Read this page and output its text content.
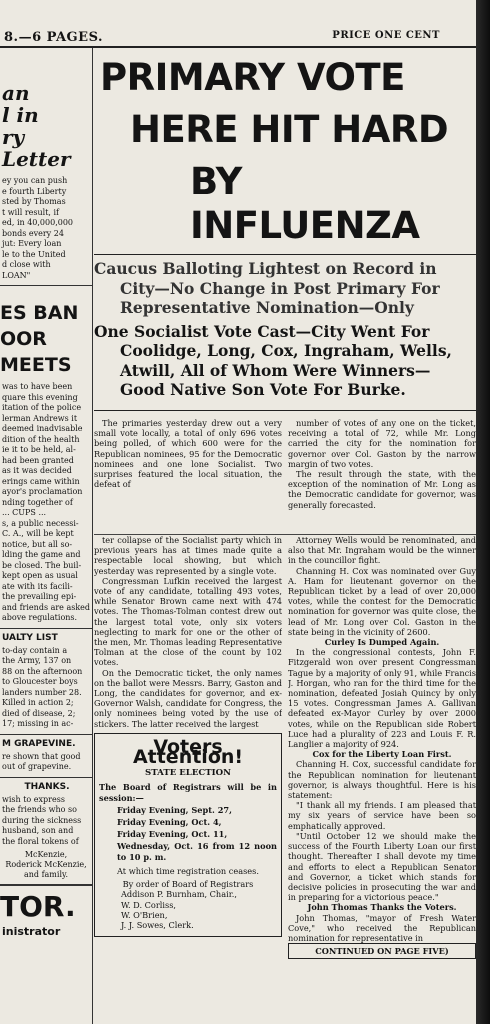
8.—6 PAGES.	PRICE ONE CENT

an

l in

ry Letter

ey you can push

e fourth Liberty

sted by Thomas

t will result, if

ed, in 40,000,000

bonds every 24

jut: Every loan

le to the United

d close with

LOAN"

ES BAN

OOR MEETS

was to have been

quare this evening

itation of the police

lerman Andrews it

deemed inadvisable

dition of the health

ie it to be held, al-

had been granted

as it was decided

erings came within

ayor's proclamation

nding together of

... CUPS ...

s, a public necessi-

C. A., will be kept

notice, but all so-

lding the game and

be closed. The buil-

kept open as usual

ate with its facili-

the prevailing epi-

and friends are asked

above regulations.

UALTY LIST

to-day contain a

the Army, 137 on

88 on the afternoon

to Gloucester boys

landers number 28.

Killed in action 2;

died of disease, 2;

17; missing in ac-

M GRAPEVINE.

re shown that good

out of grapevine.

THANKS.

wish to express

the friends who so

during the sickness

husband, son and

the floral tokens of

McKenzie,

Roderick McKenzie,

and family.

TOR.

inistrator

PRIMARY VOTE
HERE HIT HARD
BY INFLUENZA

Caucus Balloting Lightest on Record in City—No Change in Post Primary For Representative Nomination—Only

One Socialist Vote Cast—City Went For Coolidge, Long, Cox, Ingraham, Wells, Atwill, All of Whom Were Winners—Good Native Son Vote For Burke.

The primaries yesterday drew out a very small vote locally, a total of only 696 votes being polled, of which 600 were for the Republican nominees, 95 for the Democratic nominees and one lone Socialist. Two surprises featured the local situation, the defeat of

number of votes of any one on the ticket, receiving a total of 72, while Mr. Long carried the city for the nomination for governor over Col. Gaston by the narrow margin of two votes.

The result through the state, with the exception of the nomination of Mr. Long as the Democratic candidate for governor, was generally forecasted.

ter collapse of the Socialist party which in previous years has at times made quite a respectable local showing, but which yesterday was represented by a single vote.

Congressman Lufkin received the largest vote of any candidate, totalling 493 votes, while Senator Brown came next with 474 votes. The Thomas-Tolman contest drew out the largest total vote, only six voters neglecting to mark for one or the other of the men, Mr. Thomas leading Representative Tolman at the close of the count by 102 votes.

On the Democratic ticket, the only names on the ballot were Messrs. Barry, Gaston and Long, the candidates for governor, and ex-Governor Walsh, candidate for Congress, the only nominees being voted by the use of stickers. The latter received the largest

Voters Attention!

STATE ELECTION

The Board of Registrars will be in session:—

Friday Evening, Sept. 27,

Friday Evening, Oct. 4,

Friday Evening, Oct. 11,

Wednesday, Oct. 16 from 12 noon to 10 p. m.

At which time registration ceases.

By order of Board of Registrars

Addison P. Burnham, Chair.,

W. D. Corliss,

W. O'Brien,

J. J. Sowes, Clerk.

Attorney Wells would be renominated, and also that Mr. Ingraham would be the winner in the councillor fight.

Channing H. Cox was nominated over Guy A. Ham for lieutenant governor on the Republican ticket by a lead of over 20,000 votes, while the contest for the Democratic nomination for governor was quite close, the lead of Mr. Long over Col. Gaston in the state being in the vicinity of 2600.

Curley Is Dumped Again.

In the congressional contests, John F. Fitzgerald won over present Congressman Tague by a majority of only 91, while Francis J. Horgan, who ran for the third time for the nomination, defeated Josiah Quincy by only 15 votes. Congressman James A. Gallivan defeated ex-Mayor Curley by over 2000 votes, while on the Republican side Robert Luce had a plurality of 223 and Louis F. R. Langlier a majority of 924.

Cox for the Liberty Loan First.

Channing H. Cox, successful candidate for the Republican nomination for lieutenant governor, is always thoughtful. Here is his statement:

"I thank all my friends. I am pleased that my six years of service have been so emphatically approved.

"Until October 12 we should make the success of the Fourth Liberty Loan our first thought. Thereafter I shall devote my time and efforts to elect a Republican Senator and Governor, a ticket which stands for decisive policies in prosecuting the war and in preparing for a victorious peace."

John Thomas Thanks the Voters.

John Thomas, "mayor of Fresh Water Cove," who received the Republican nomination for representative in

CONTINUED ON PAGE FIVE)
